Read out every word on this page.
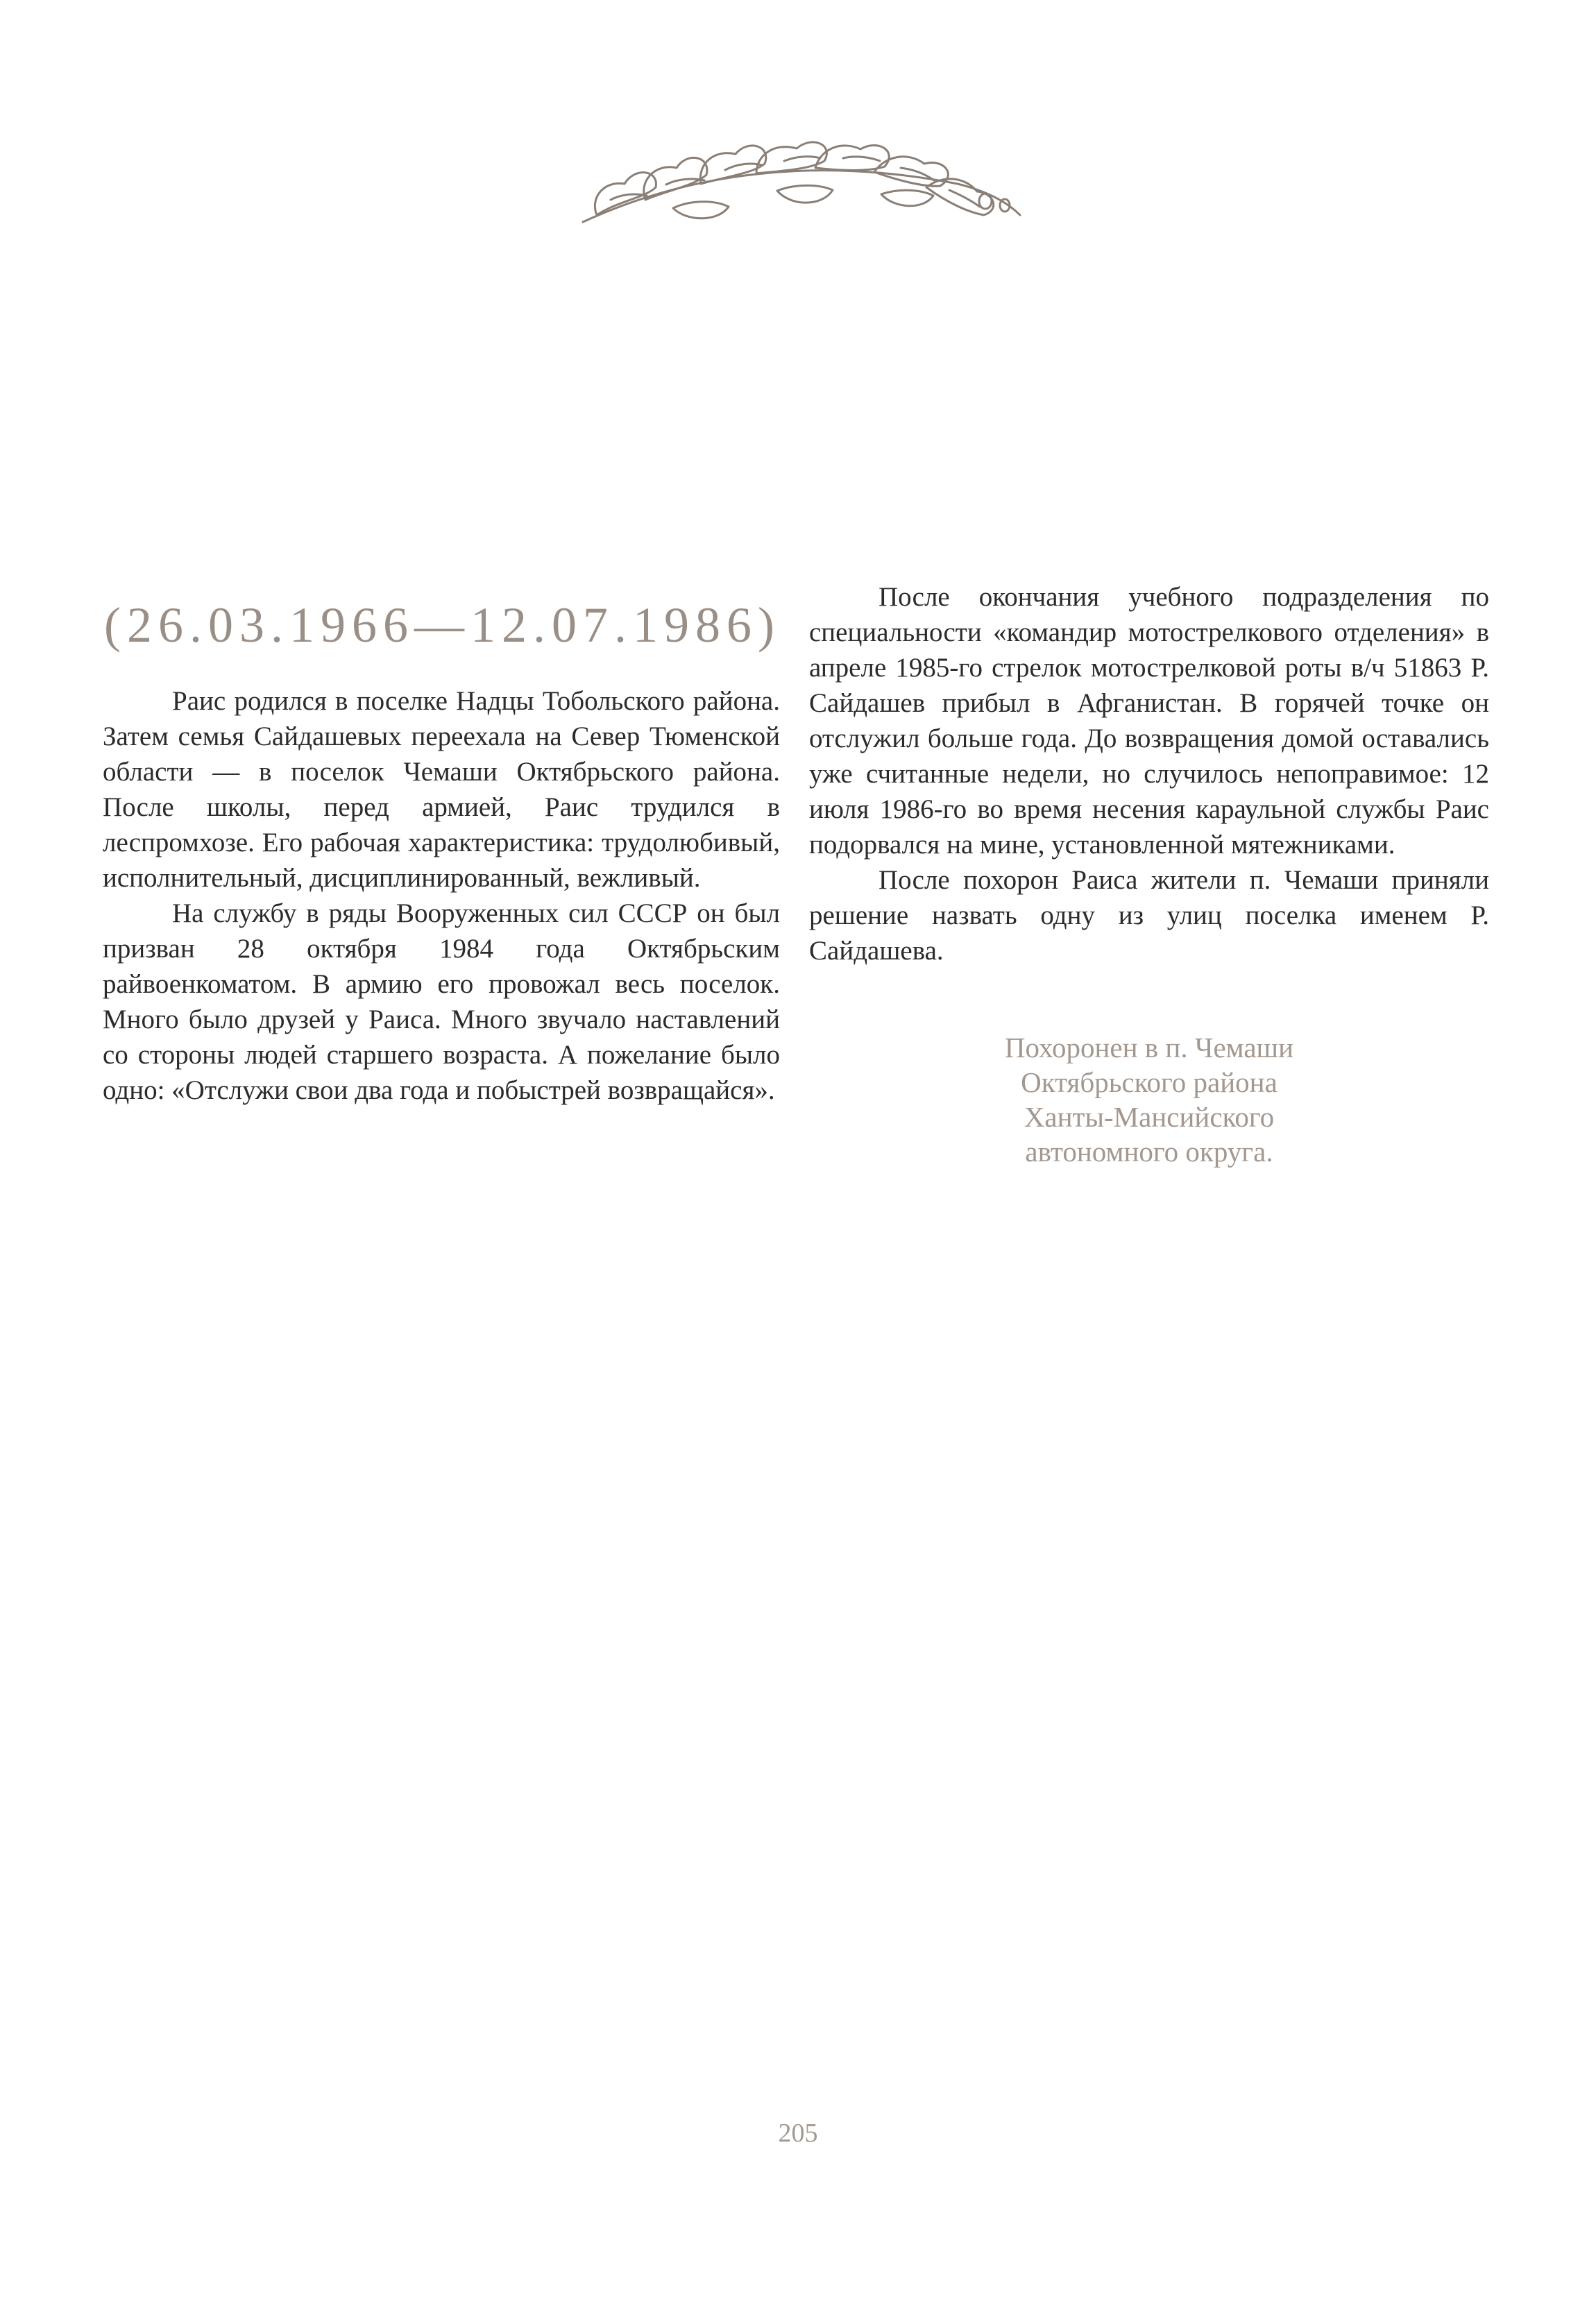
(26.03.1966—12.07.1986)

Раис родился в поселке Надцы Тобольского района. Затем семья Сайдашевых переехала на Север Тюменской области — в поселок Чемаши Октябрьского района. После школы, перед армией, Раис трудился в леспромхозе. Его рабочая характеристика: трудолюбивый, исполнительный, дисциплинированный, вежливый.

На службу в ряды Вооруженных сил СССР он был призван 28 октября 1984 года Октябрьским райвоенкоматом. В армию его провожал весь поселок. Много было друзей у Раиса. Много звучало наставлений со стороны людей старшего возраста. А пожелание было одно: «Отслужи свои два года и побыстрей возвращайся».

После окончания учебного подразделения по специальности «командир мотострелкового отделения» в апреле 1985-го стрелок мотострелковой роты в/ч 51863 Р. Сайдашев прибыл в Афганистан. В горячей точке он отслужил больше года. До возвращения домой оставались уже считанные недели, но случилось непоправимое: 12 июля 1986-го во время несения караульной службы Раис подорвался на мине, установленной мятежниками.

После похорон Раиса жители п. Чемаши приняли решение назвать одну из улиц поселка именем Р. Сайдашева.

Похоронен в п. Чемаши
Октябрьского района
Ханты-Мансийского
автономного округа.
205
